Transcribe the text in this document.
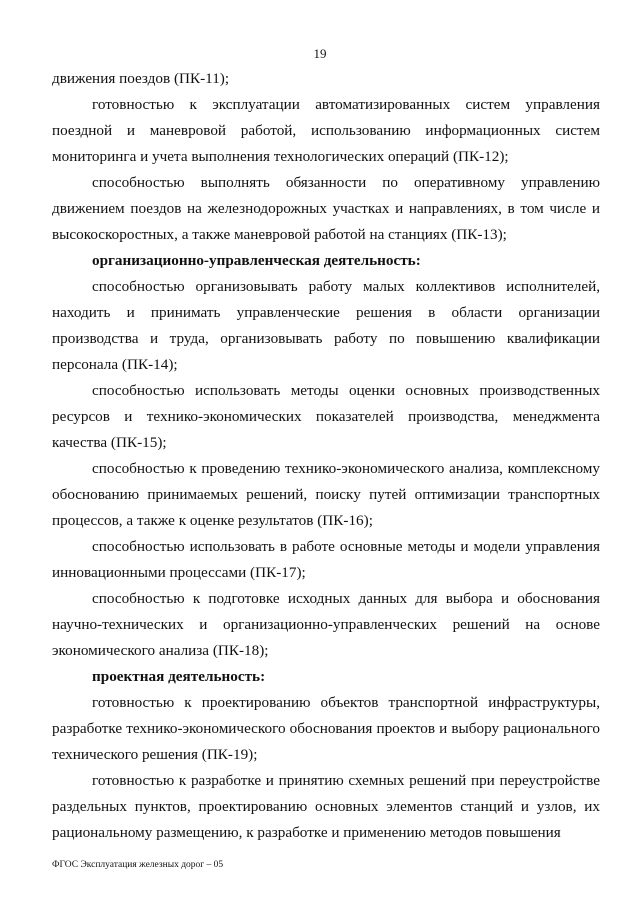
19

движения поездов (ПК-11);

готовностью к эксплуатации автоматизированных систем управления поездной и маневровой работой, использованию информационных систем мониторинга и учета выполнения технологических операций (ПК-12);

способностью выполнять обязанности по оперативному управлению движением поездов на железнодорожных участках и направлениях, в том числе и высокоскоростных, а также маневровой работой на станциях (ПК-13);

организационно-управленческая деятельность:

способностью организовывать работу малых коллективов исполнителей, находить и принимать управленческие решения в области организации производства и труда, организовывать работу по повышению квалификации персонала (ПК-14);

способностью использовать методы оценки основных производственных ресурсов и технико-экономических показателей производства, менеджмента качества (ПК-15);

способностью к проведению технико-экономического анализа, комплексному обоснованию принимаемых решений, поиску путей оптимизации транспортных процессов, а также к оценке результатов (ПК-16);

способностью использовать в работе основные методы и модели управления инновационными процессами (ПК-17);

способностью к подготовке исходных данных для выбора и обоснования научно-технических и организационно-управленческих решений на основе экономического анализа (ПК-18);

проектная деятельность:

готовностью к проектированию объектов транспортной инфраструктуры, разработке технико-экономического обоснования проектов и выбору рационального технического решения (ПК-19);

готовностью к разработке и принятию схемных решений при переустройстве раздельных пунктов, проектированию основных элементов станций и узлов, их рациональному размещению, к разработке и применению методов повышения

ФГОС Эксплуатация железных дорог – 05
